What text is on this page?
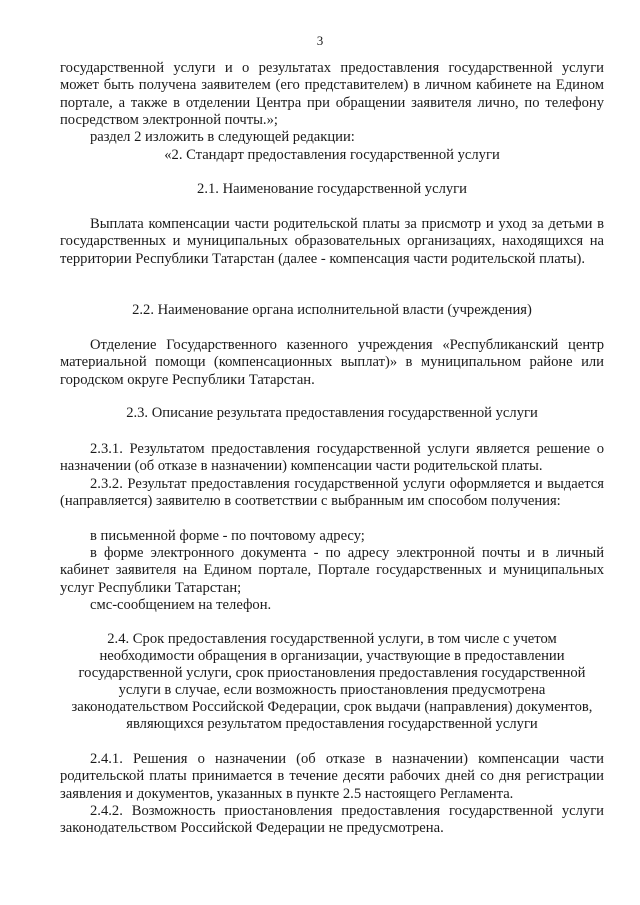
3

государственной услуги и о результатах предоставления государственной услуги может быть получена заявителем (его представителем) в личном кабинете на Едином портале, а также в отделении Центра при обращении заявителя лично, по телефону посредством электронной почты.»;

раздел 2 изложить в следующей редакции:

«2. Стандарт предоставления государственной услуги

2.1. Наименование государственной услуги

Выплата компенсации части родительской платы за присмотр и уход за детьми в государственных и муниципальных образовательных организациях, находящихся на территории Республики Татарстан (далее - компенсация части родительской платы).

2.2. Наименование органа исполнительной власти (учреждения)

Отделение Государственного казенного учреждения «Республиканский центр материальной помощи (компенсационных выплат)» в муниципальном районе или городском округе Республики Татарстан.

2.3. Описание результата предоставления государственной услуги

2.3.1. Результатом предоставления государственной услуги является решение о назначении (об отказе в назначении) компенсации части родительской платы.

2.3.2. Результат предоставления государственной услуги оформляется и выдается (направляется) заявителю в соответствии с выбранным им способом получения:

в письменной форме - по почтовому адресу;

в форме электронного документа - по адресу электронной почты и в личный кабинет заявителя на Едином портале, Портале государственных и муниципальных услуг Республики Татарстан;

смс-сообщением на телефон.

2.4. Срок предоставления государственной услуги, в том числе с учетом

необходимости обращения в организации, участвующие в предоставлении

государственной услуги, срок приостановления предоставления государственной

услуги в случае, если возможность приостановления предусмотрена

законодательством Российской Федерации, срок выдачи (направления) документов,

являющихся результатом предоставления государственной услуги

2.4.1. Решения о назначении (об отказе в назначении) компенсации части родительской платы принимается в течение десяти рабочих дней со дня регистрации заявления и документов, указанных в пункте 2.5 настоящего Регламента.

2.4.2. Возможность приостановления предоставления государственной услуги законодательством Российской Федерации не предусмотрена.
